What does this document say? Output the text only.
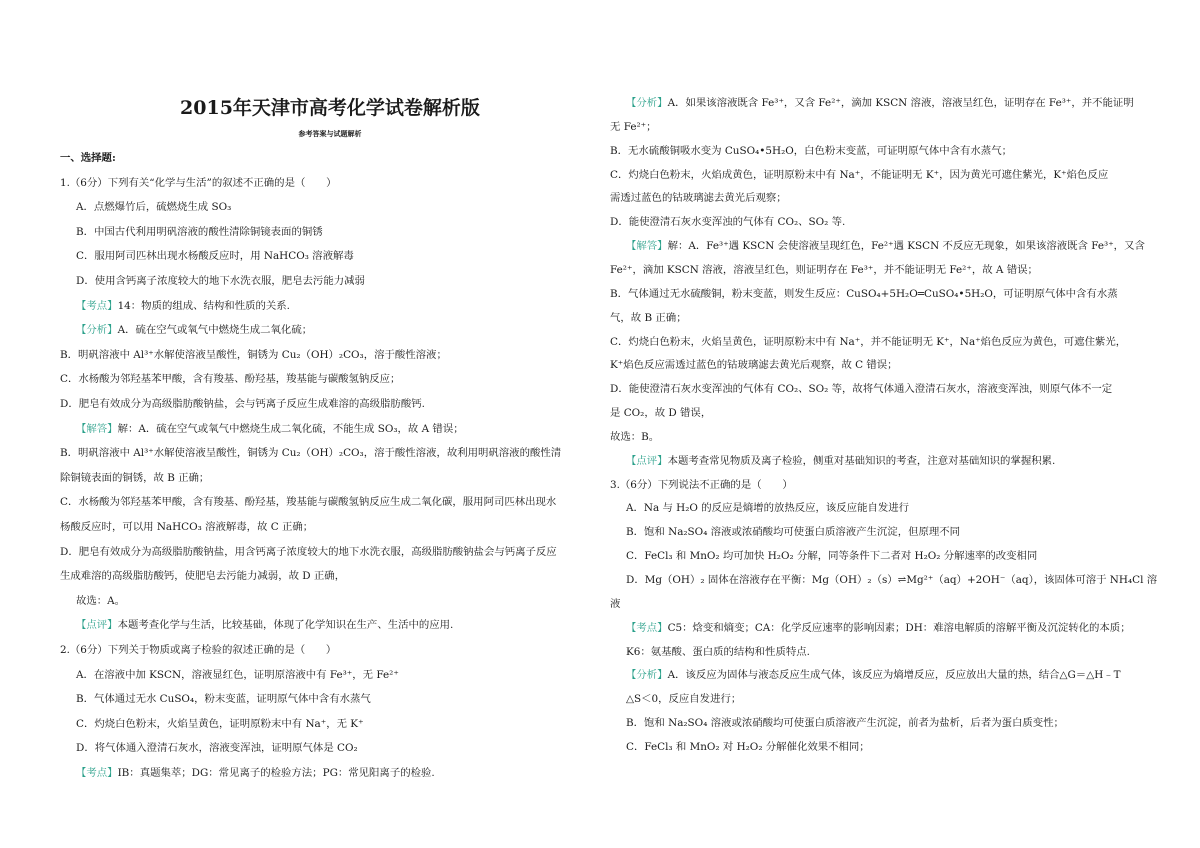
2015年天津市高考化学试卷解析版
参考答案与试题解析
一、选择题:
1.（6分）下列有关“化学与生活”的叙述不正确的是（　　）
A．点燃爆竹后，硫燃烧生成 SO₃
B．中国古代利用明矾溶液的酸性清除铜镜表面的铜锈
C．服用阿司匹林出现水杨酸反应时，用 NaHCO₃ 溶液解毒
D．使用含钙离子浓度较大的地下水洗衣服，肥皂去污能力减弱
【考点】14：物质的组成、结构和性质的关系.
【分析】A．硫在空气或氧气中燃烧生成二氧化硫；
B．明矾溶液中 Al³⁺水解使溶液呈酸性，铜锈为 Cu₂（OH）₂CO₃，溶于酸性溶液；
C．水杨酸为邻羟基苯甲酸，含有羧基、酚羟基，羧基能与碳酸氢钠反应；
D．肥皂有效成分为高级脂肪酸钠盐，会与钙离子反应生成难溶的高级脂肪酸钙.
【解答】解：A．硫在空气或氧气中燃烧生成二氧化硫，不能生成 SO₃，故 A 错误；
B．明矾溶液中 Al³⁺水解使溶液呈酸性，铜锈为 Cu₂（OH）₂CO₃，溶于酸性溶液，故利用明矾溶液的酸性清
除铜镜表面的铜锈，故 B 正确；
C．水杨酸为邻羟基苯甲酸，含有羧基、酚羟基，羧基能与碳酸氢钠反应生成二氧化碳，服用阿司匹林出现水
杨酸反应时，可以用 NaHCO₃ 溶液解毒，故 C 正确；
D．肥皂有效成分为高级脂肪酸钠盐，用含钙离子浓度较大的地下水洗衣服，高级脂肪酸钠盐会与钙离子反应
生成难溶的高级脂肪酸钙，使肥皂去污能力减弱，故 D 正确，
故选：A。
【点评】本题考查化学与生活，比较基础，体现了化学知识在生产、生活中的应用.
2.（6分）下列关于物质或离子检验的叙述正确的是（　　）
A．在溶液中加 KSCN，溶液显红色，证明原溶液中有 Fe³⁺，无 Fe²⁺
B．气体通过无水 CuSO₄，粉末变蓝，证明原气体中含有水蒸气
C．灼烧白色粉末，火焰呈黄色，证明原粉末中有 Na⁺，无 K⁺
D．将气体通入澄清石灰水，溶液变浑浊，证明原气体是 CO₂
【考点】IB：真题集萃；DG：常见离子的检验方法；PG：常见阳离子的检验.
【分析】A．如果该溶液既含 Fe³⁺，又含 Fe²⁺，滴加 KSCN 溶液，溶液呈红色，证明存在 Fe³⁺，并不能证明
无 Fe²⁺；
B．无水硫酸铜吸水变为 CuSO₄•5H₂O，白色粉末变蓝，可证明原气体中含有水蒸气；
C．灼烧白色粉末，火焰成黄色，证明原粉末中有 Na⁺，不能证明无 K⁺，因为黄光可遮住紫光，K⁺焰色反应
需透过蓝色的钴玻璃滤去黄光后观察；
D．能使澄清石灰水变浑浊的气体有 CO₂、SO₂ 等.
【解答】解：A．Fe³⁺遇 KSCN 会使溶液呈现红色，Fe²⁺遇 KSCN 不反应无现象，如果该溶液既含 Fe³⁺，又含
Fe²⁺，滴加 KSCN 溶液，溶液呈红色，则证明存在 Fe³⁺，并不能证明无 Fe²⁺，故 A 错误；
B．气体通过无水硫酸铜，粉末变蓝，则发生反应：CuSO₄+5H₂O═CuSO₄•5H₂O，可证明原气体中含有水蒸
气，故 B 正确；
C．灼烧白色粉末，火焰呈黄色，证明原粉末中有 Na⁺，并不能证明无 K⁺，Na⁺焰色反应为黄色，可遮住紫光，
K⁺焰色反应需透过蓝色的钴玻璃滤去黄光后观察，故 C 错误；
D．能使澄清石灰水变浑浊的气体有 CO₂、SO₂ 等，故将气体通入澄清石灰水，溶液变浑浊，则原气体不一定
是 CO₂，故 D 错误，
故选：B。
【点评】本题考查常见物质及离子检验，侧重对基础知识的考查，注意对基础知识的掌握积累.
3.（6分）下列说法不正确的是（　　）
A．Na 与 H₂O 的反应是熵增的放热反应，该反应能自发进行
B．饱和 Na₂SO₄ 溶液或浓硝酸均可使蛋白质溶液产生沉淀，但原理不同
C．FeCl₃ 和 MnO₂ 均可加快 H₂O₂ 分解，同等条件下二者对 H₂O₂ 分解速率的改变相同
D．Mg（OH）₂ 固体在溶液存在平衡：Mg（OH）₂（s）⇌Mg²⁺（aq）+2OH⁻（aq），该固体可溶于 NH₄Cl 溶
液
【考点】C5：焓变和熵变；CA：化学反应速率的影响因素；DH：难溶电解质的溶解平衡及沉淀转化的本质；
K6：氨基酸、蛋白质的结构和性质特点.
【分析】A．该反应为固体与液态反应生成气体，该反应为熵增反应，反应放出大量的热，结合△G＝△H﹣T
△S＜0，反应自发进行；
B．饱和 Na₂SO₄ 溶液或浓硝酸均可使蛋白质溶液产生沉淀，前者为盐析，后者为蛋白质变性；
C．FeCl₃ 和 MnO₂ 对 H₂O₂ 分解催化效果不相同；
